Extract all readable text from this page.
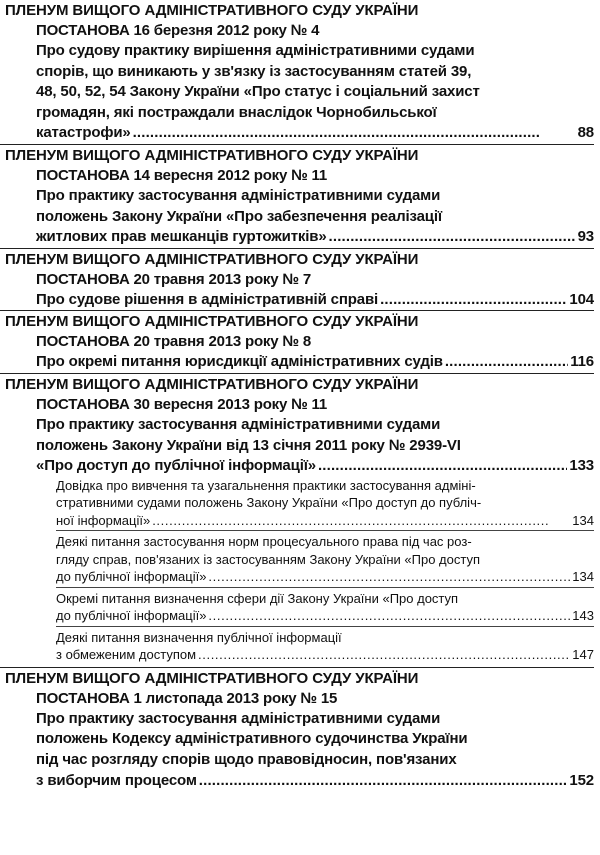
ПЛЕНУМ ВИЩОГО АДМІНІСТРАТИВНОГО СУДУ УКРАЇНИ
ПОСТАНОВА 16 березня 2012 року № 4
Про судову практику вирішення адміністративними судами
спорів, що виникають у зв'язку із застосуванням статей 39,
48, 50, 52, 54 Закону України «Про статус і соціальний захист
громадян, які постраждали внаслідок Чорнобильської
катастрофи» . . .	88
ПЛЕНУМ ВИЩОГО АДМІНІСТРАТИВНОГО СУДУ УКРАЇНИ
ПОСТАНОВА 14 вересня 2012 року № 11
Про практику застосування адміністративними судами
положень Закону України «Про забезпечення реалізації
житлових прав мешканців гуртожитків» . . .	93
ПЛЕНУМ ВИЩОГО АДМІНІСТРАТИВНОГО СУДУ УКРАЇНИ
ПОСТАНОВА 20 травня 2013 року № 7
Про судове рішення в адміністративній справі . . .	104
ПЛЕНУМ ВИЩОГО АДМІНІСТРАТИВНОГО СУДУ УКРАЇНИ
ПОСТАНОВА 20 травня 2013 року № 8
Про окремі питання юрисдикції адміністративних судів . . .	116
ПЛЕНУМ ВИЩОГО АДМІНІСТРАТИВНОГО СУДУ УКРАЇНИ
ПОСТАНОВА 30 вересня 2013 року № 11
Про практику застосування адміністративними судами
положень Закону України від 13 січня 2011 року № 2939-VI
«Про доступ до публічної інформації» . . .	133
Довідка про вивчення та узагальнення практики застосування адміні-
стративними судами положень Закону України «Про доступ до публіч-
ної інформації» . . .	134
Деякі питання застосування норм процесуального права під час роз-
гляду справ, пов'язаних із застосуванням Закону України «Про доступ
до публічної інформації» . . .	134
Окремі питання визначення сфери дії Закону України «Про доступ
до публічної інформації» . . .	143
Деякі питання визначення публічної інформації
з обмеженим доступом . . .	147
ПЛЕНУМ ВИЩОГО АДМІНІСТРАТИВНОГО СУДУ УКРАЇНИ
ПОСТАНОВА 1 листопада 2013 року № 15
Про практику застосування адміністративними судами
положень Кодексу адміністративного судочинства України
під час розгляду спорів щодо правовідносин, пов'язаних
з виборчим процесом . . .	152
